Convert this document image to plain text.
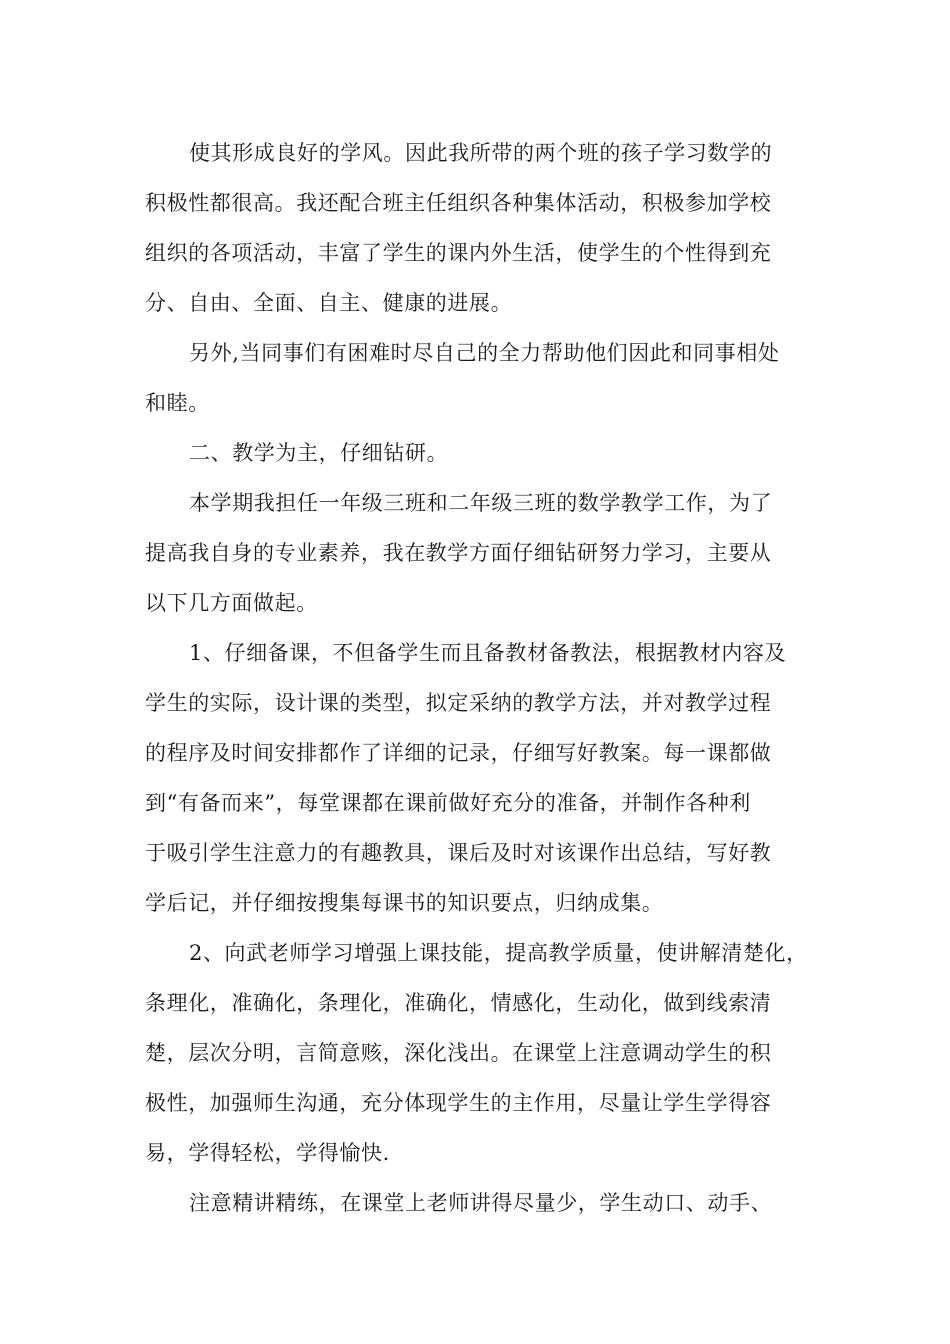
使其形成良好的学风。因此我所带的两个班的孩子学习数学的
积极性都很高。我还配合班主任组织各种集体活动，积极参加学校
组织的各项活动，丰富了学生的课内外生活，使学生的个性得到充
分、自由、全面、自主、健康的进展。
另外,当同事们有困难时尽自己的全力帮助他们因此和同事相处
和睦。
二、教学为主，仔细钻研。
本学期我担任一年级三班和二年级三班的数学教学工作，为了
提高我自身的专业素养，我在教学方面仔细钻研努力学习，主要从
以下几方面做起。
1、仔细备课，不但备学生而且备教材备教法，根据教材内容及
学生的实际，设计课的类型，拟定采纳的教学方法，并对教学过程
的程序及时间安排都作了详细的记录，仔细写好教案。每一课都做
到“有备而来”，每堂课都在课前做好充分的准备，并制作各种利
于吸引学生注意力的有趣教具，课后及时对该课作出总结，写好教
学后记，并仔细按搜集每课书的知识要点，归纳成集。
2、向武老师学习增强上课技能，提高教学质量，使讲解清楚化，
条理化，准确化，条理化，准确化，情感化，生动化，做到线索清
楚，层次分明，言简意赅，深化浅出。在课堂上注意调动学生的积
极性，加强师生沟通，充分体现学生的主作用，尽量让学生学得容
易，学得轻松，学得愉快.
注意精讲精练，在课堂上老师讲得尽量少，学生动口、动手、
